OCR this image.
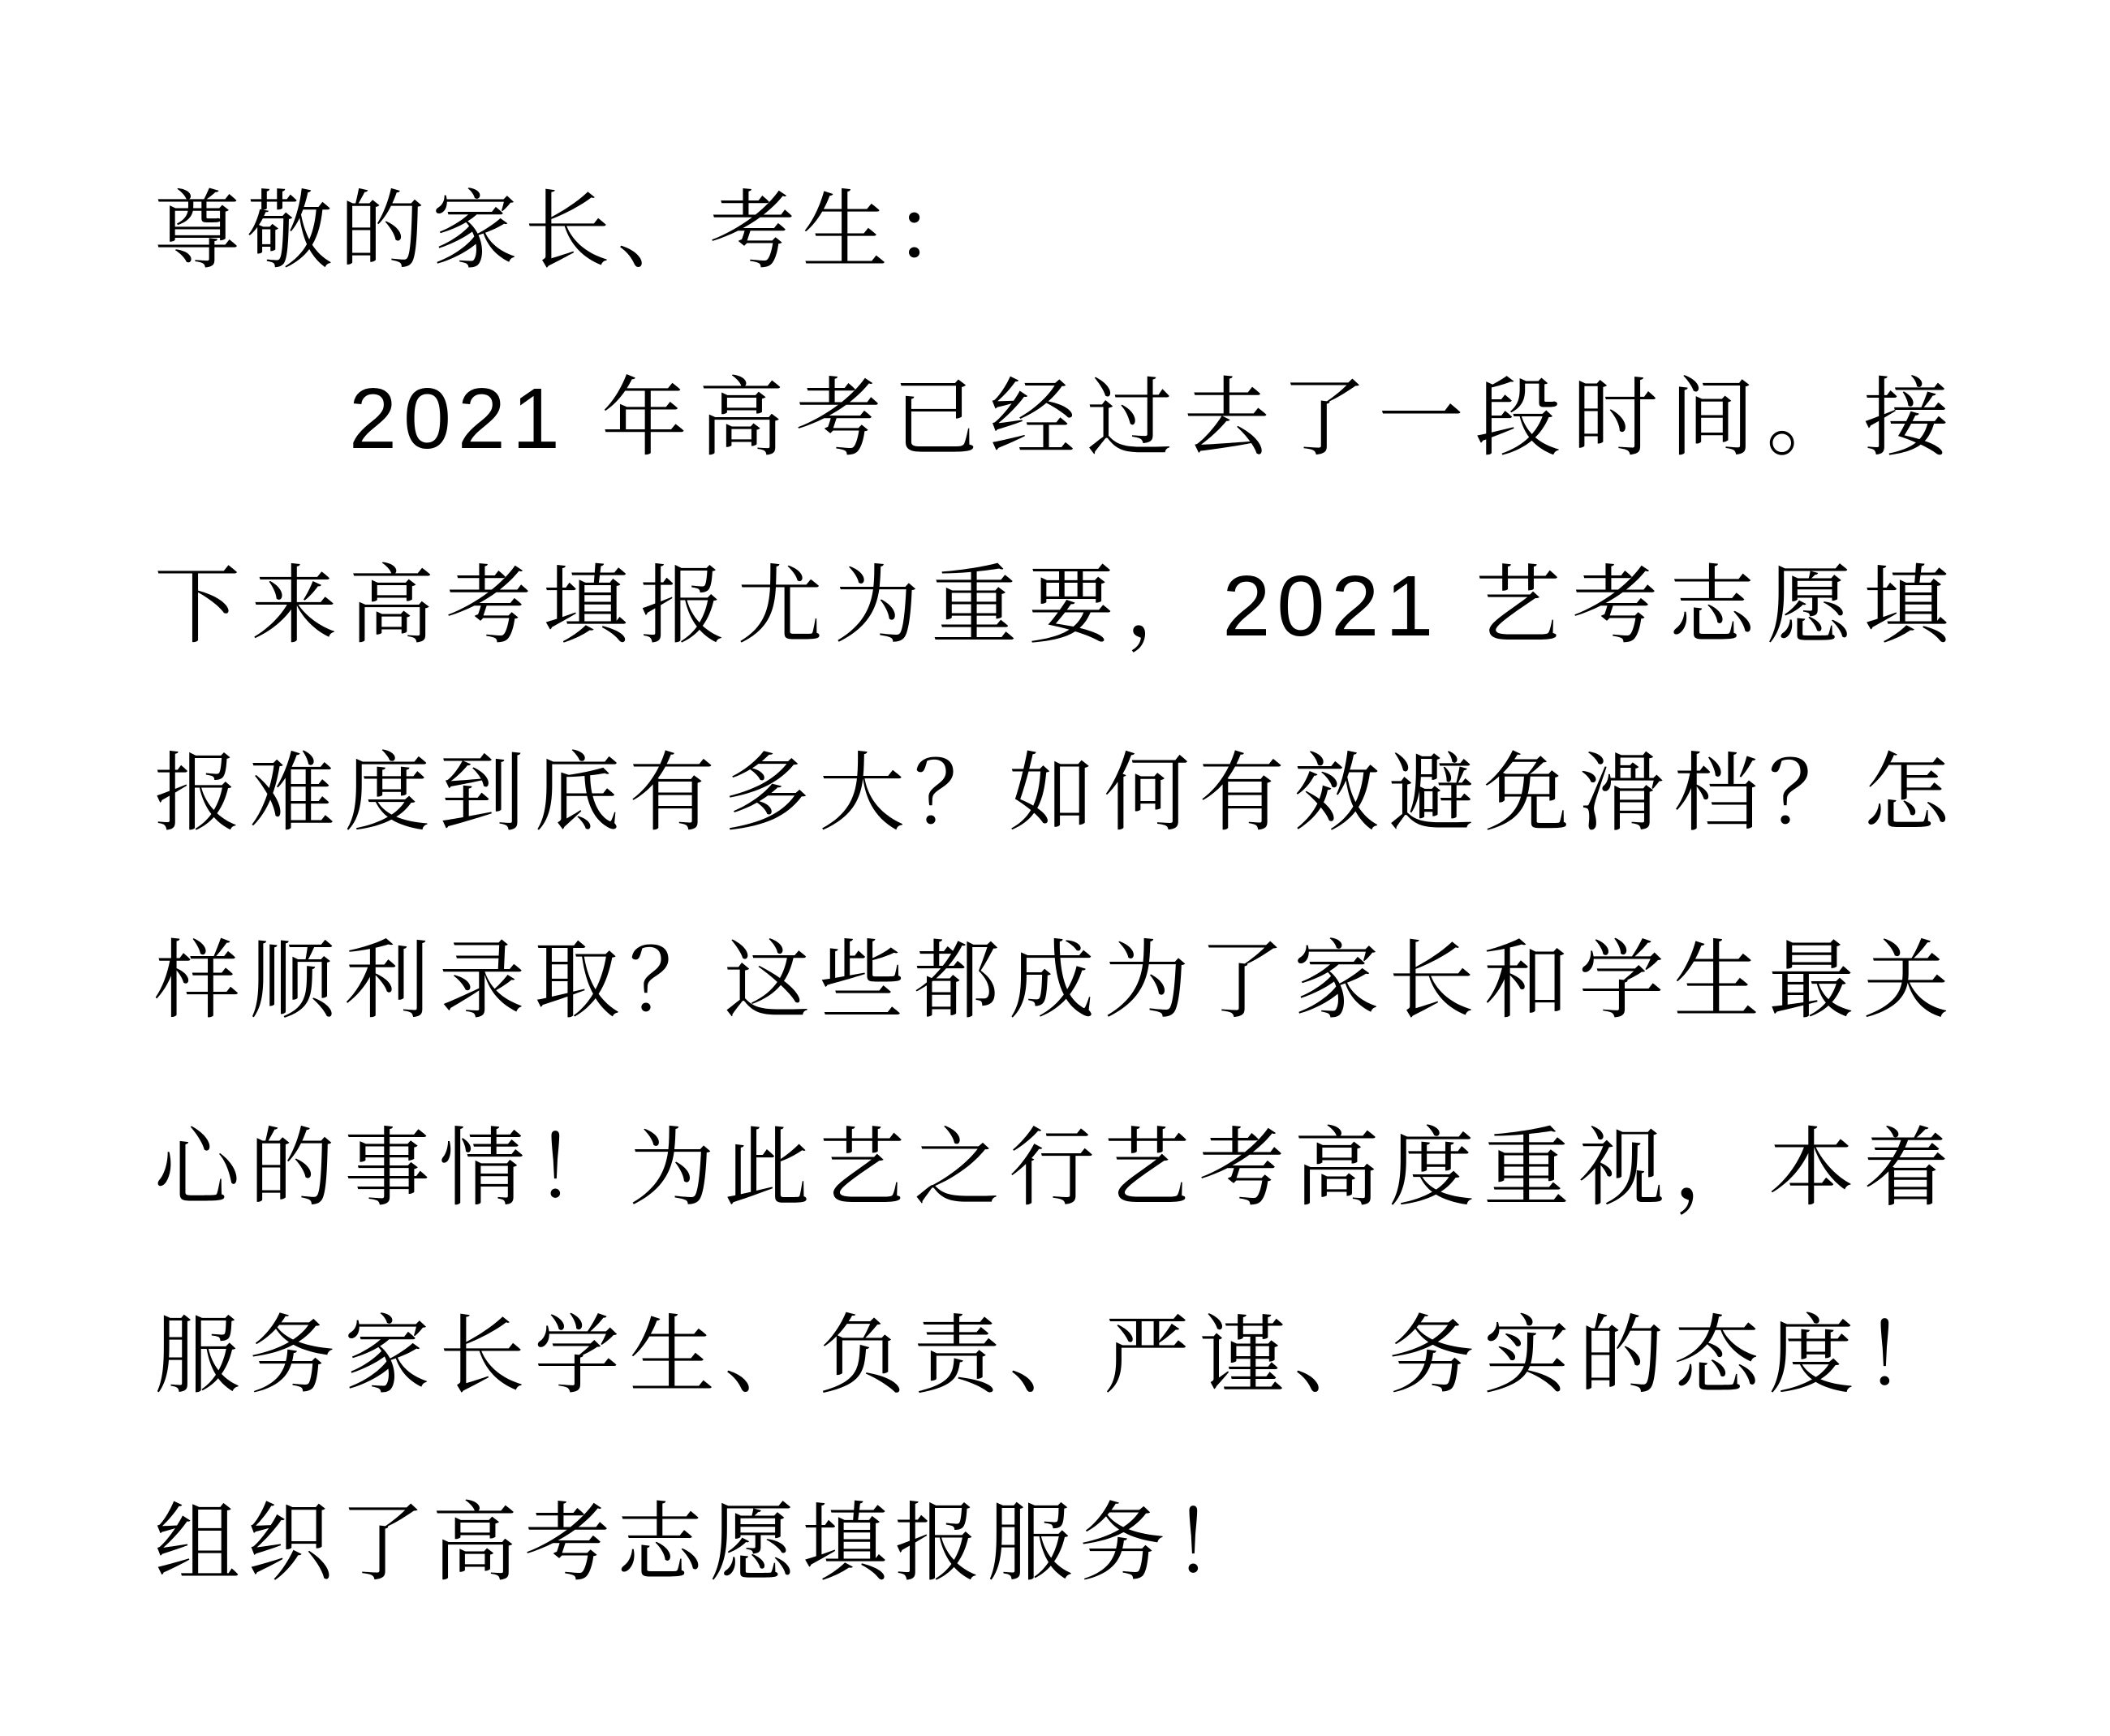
尊敬的家长、考生：
2021 年高考已经过去了一段时间。接
下来高考填报尤为重要，2021 艺考志愿填
报难度到底有多大？如何有效避免滑档？怎
样顺利录取？这些都成为了家长和学生最关
心的事情！为此艺之行艺考高度重视，本着
服务家长学生、负责、严谨、务实的态度！
组织了高考志愿填报服务！
